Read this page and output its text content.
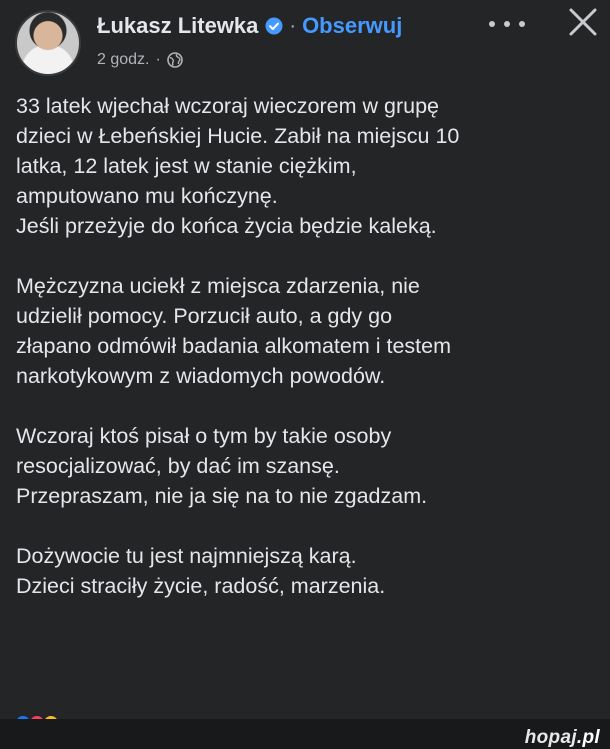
Łukasz Litewka · Obserwuj
2 godz. ·

33 latek wjechał wczoraj wieczorem w grupę
dzieci w Łebeńskiej Hucie. Zabił na miejscu 10
latka, 12 latek jest w stanie ciężkim,
amputowano mu kończynę.
Jeśli przeżyje do końca życia będzie kaleką.

Mężczyzna uciekł z miejsca zdarzenia, nie
udzielił pomocy. Porzucił auto, a gdy go
złapano odmówił badania alkomatem i testem
narkotykowym z wiadomych powodów.

Wczoraj ktoś pisał o tym by takie osoby
resocjalizować, by dać im szansę.
Przepraszam, nie ja się na to nie zgadzam.

Dożywocie tu jest najmniejszą karą.
Dzieci straciły życie, radość, marzenia.

hopaj.pl
